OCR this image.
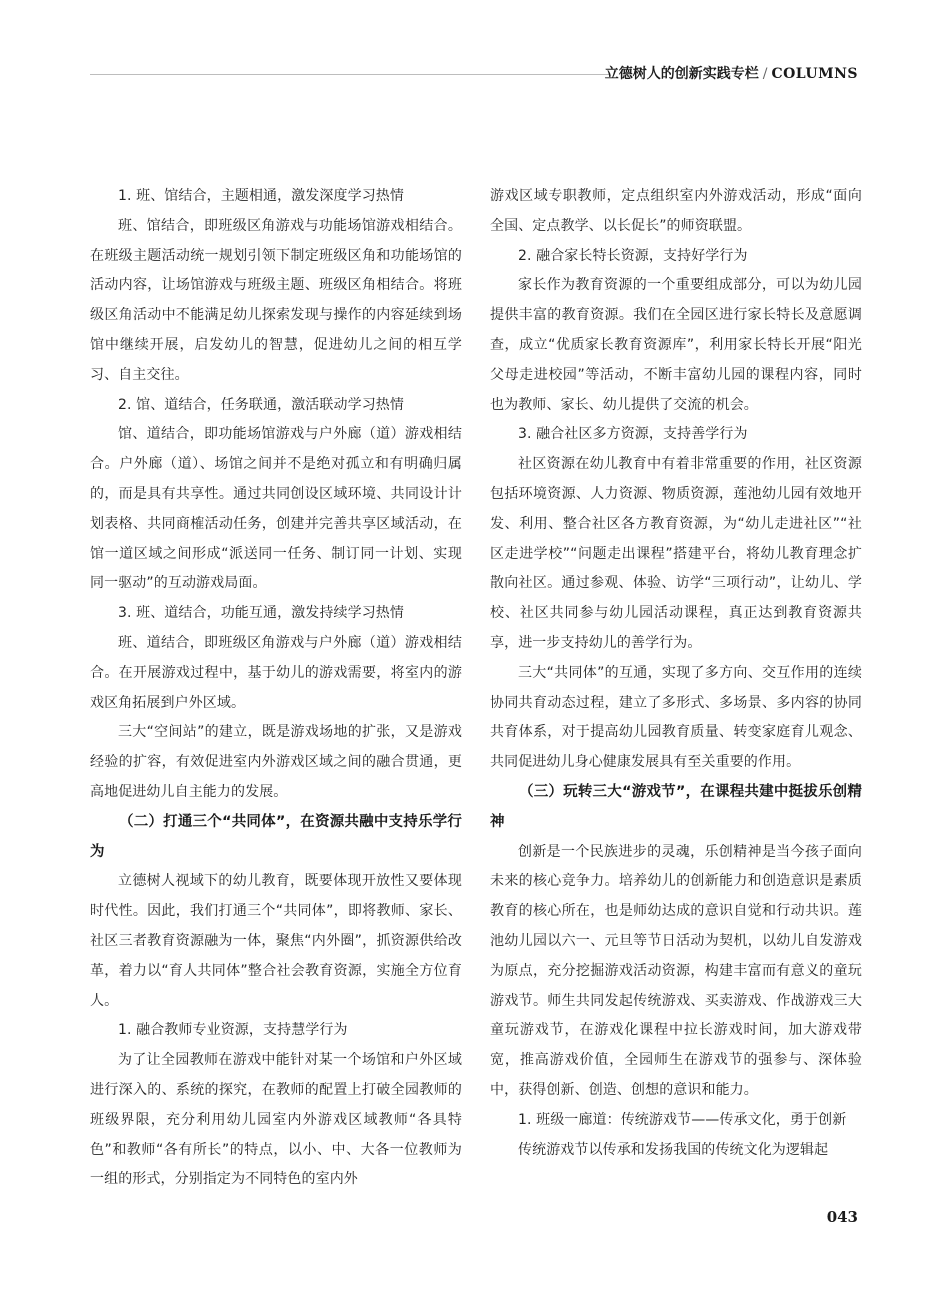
立德树人的创新实践专栏 / COLUMNS

1. 班、馆结合，主题相通，激发深度学习热情

班、馆结合，即班级区角游戏与功能场馆游戏相结合。在班级主题活动统一规划引领下制定班级区角和功能场馆的活动内容，让场馆游戏与班级主题、班级区角相结合。将班级区角活动中不能满足幼儿探索发现与操作的内容延续到场馆中继续开展，启发幼儿的智慧，促进幼儿之间的相互学习、自主交往。

2. 馆、道结合，任务联通，激活联动学习热情

馆、道结合，即功能场馆游戏与户外廊（道）游戏相结合。户外廊（道）、场馆之间并不是绝对孤立和有明确归属的，而是具有共享性。通过共同创设区域环境、共同设计计划表格、共同商榷活动任务，创建并完善共享区域活动，在馆一道区域之间形成“派送同一任务、制订同一计划、实现同一驱动”的互动游戏局面。

3. 班、道结合，功能互通，激发持续学习热情

班、道结合，即班级区角游戏与户外廊（道）游戏相结合。在开展游戏过程中，基于幼儿的游戏需要，将室内的游戏区角拓展到户外区域。

三大“空间站”的建立，既是游戏场地的扩张，又是游戏经验的扩容，有效促进室内外游戏区域之间的融合贯通，更高地促进幼儿自主能力的发展。

（二）打通三个“共同体”，在资源共融中支持乐学行为

立德树人视域下的幼儿教育，既要体现开放性又要体现时代性。因此，我们打通三个“共同体”，即将教师、家长、社区三者教育资源融为一体，聚焦“内外圈”，抓资源供给改革，着力以“育人共同体”整合社会教育资源，实施全方位育人。

1. 融合教师专业资源，支持慧学行为

为了让全园教师在游戏中能针对某一个场馆和户外区域进行深入的、系统的探究，在教师的配置上打破全园教师的班级界限，充分利用幼儿园室内外游戏区域教师“各具特色”和教师“各有所长”的特点，以小、中、大各一位教师为一组的形式，分别指定为不同特色的室内外

游戏区域专职教师，定点组织室内外游戏活动，形成“面向全国、定点教学、以长促长”的师资联盟。

2. 融合家长特长资源，支持好学行为

家长作为教育资源的一个重要组成部分，可以为幼儿园提供丰富的教育资源。我们在全园区进行家长特长及意愿调查，成立“优质家长教育资源库”，利用家长特长开展“阳光父母走进校园”等活动，不断丰富幼儿园的课程内容，同时也为教师、家长、幼儿提供了交流的机会。

3. 融合社区多方资源，支持善学行为

社区资源在幼儿教育中有着非常重要的作用，社区资源包括环境资源、人力资源、物质资源，莲池幼儿园有效地开发、利用、整合社区各方教育资源，为“幼儿走进社区”“社区走进学校”“问题走出课程”搭建平台，将幼儿教育理念扩散向社区。通过参观、体验、访学“三项行动”，让幼儿、学校、社区共同参与幼儿园活动课程，真正达到教育资源共享，进一步支持幼儿的善学行为。

三大“共同体”的互通，实现了多方向、交互作用的连续协同共育动态过程，建立了多形式、多场景、多内容的协同共育体系，对于提高幼儿园教育质量、转变家庭育儿观念、共同促进幼儿身心健康发展具有至关重要的作用。

（三）玩转三大“游戏节”，在课程共建中挺拔乐创精神

创新是一个民族进步的灵魂，乐创精神是当今孩子面向未来的核心竞争力。培养幼儿的创新能力和创造意识是素质教育的核心所在，也是师幼达成的意识自觉和行动共识。莲池幼儿园以六一、元旦等节日活动为契机，以幼儿自发游戏为原点，充分挖掘游戏活动资源，构建丰富而有意义的童玩游戏节。师生共同发起传统游戏、买卖游戏、作战游戏三大童玩游戏节，在游戏化课程中拉长游戏时间，加大游戏带宽，推高游戏价值，全园师生在游戏节的强参与、深体验中，获得创新、创造、创想的意识和能力。

1. 班级一廊道：传统游戏节——传承文化，勇于创新

传统游戏节以传承和发扬我国的传统文化为逻辑起

043
